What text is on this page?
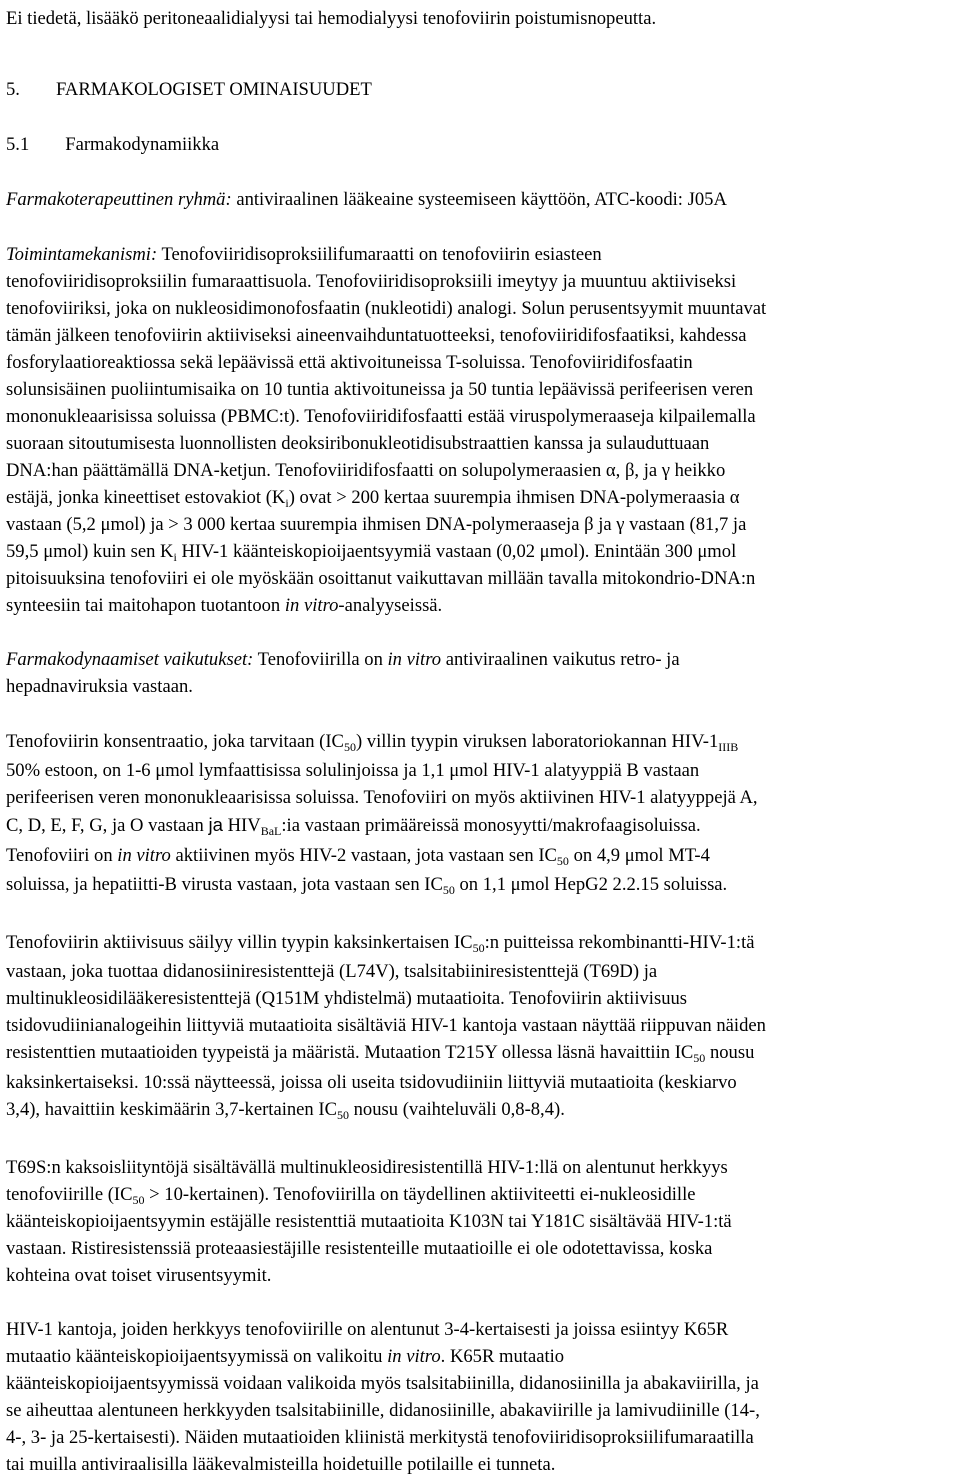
Ei tiedetä, lisääkö peritoneaalidialyysi tai hemodialyysi tenofoviirin poistumisnopeutta.
5. FARMAKOLOGISET OMINAISUUDET
5.1 Farmakodynamiikka
Farmakoterapeuttinen ryhmä: antiviraalinen lääkeaine systeemiseen käyttöön, ATC-koodi: J05A
Toimintamekanismi: Tenofoviiridisoproksiilifumaraatti on tenofoviirin esiasteen
tenofoviiridisoproksiilin fumaraattisuola. Tenofoviiridisoproksiili imeytyy ja muuntuu aktiiviseksi
tenofoviiriksi, joka on nukleosidimonofosfaatin (nukleotidi) analogi. Solun perusentsyymit muuntavat
tämän jälkeen tenofoviirin aktiiviseksi aineenvaihduntatuotteeksi, tenofoviiridifosfaatiksi, kahdessa
fosforylaatioreaktiossa sekä lepäävissä että aktivoituneissa T-soluissa. Tenofoviiridifosfaatin
solunsisäinen puoliintumisaika on 10 tuntia aktivoituneissa ja 50 tuntia lepäävissä perifeerisen veren
mononukleaarisissa soluissa (PBMC:t). Tenofoviiridifosfaatti estää viruspolymeraaseja kilpailemalla
suoraan sitoutumisesta luonnollisten deoksiribonukleotidisubstraattien kanssa ja sulauduttuaan
DNA:han päättämällä DNA-ketjun. Tenofoviiridifosfaatti on solupolymeraasien α, β, ja γ heikko
estäjä, jonka kineettiset estovakiot $(K_i)$ ovat > 200 kertaa suurempia ihmisen DNA-polymeraasia α
vastaan (5,2 μmol) ja > 3 000 kertaa suurempia ihmisen DNA-polymeraaseja β ja γ vastaan (81,7 ja
59,5 μmol) kuin sen $K_i$ HIV-1 käänteiskopioijaentsyymiä vastaan (0,02 μmol). Enintään 300 μmol
pitoisuuksina tenofoviiri ei ole myöskään osoittanut vaikuttavan millään tavalla mitokondrio-DNA:n
synteesiin tai maitohapon tuotantoon in vitro-analyyseissä.
Farmakodynaamiset vaikutukset: Tenofoviirilla on in vitro antiviraalinen vaikutus retro- ja
hepadnaviruksia vastaan.
Tenofoviirin konsentraatio, joka tarvitaan $(IC_{50})$ villin tyypin viruksen laboratoriokannan HIV-$1_{IIIB}$
50% estoon, on 1-6 μmol lymfaattisissa solulinjoissa ja 1,1 μmol HIV-1 alatyyppiä B vastaan
perifeerisen veren mononukleaarisissa soluissa. Tenofoviiri on myös aktiivinen HIV-1 alatyyppejä A,
C, D, E, F, G, ja O vastaan ja $HIV_{BaL}:ia$ vastaan primääreissä monosyytti/makrofaagisoluissa.
Tenofoviiri on in vitro aktiivinen myös HIV-2 vastaan, jota vastaan sen $IC_{50}$ on 4,9 μmol MT-4
soluissa, ja hepatiitti-B virusta vastaan, jota vastaan sen $IC_{50}$ on 1,1 μmol HepG2 2.2.15 soluissa.
Tenofoviirin aktiivisuus säilyy villin tyypin kaksinkertaisen $IC_{50}:n$ puitteissa rekombinantti-HIV-1:tä
vastaan, joka tuottaa didanosiiniresistenttejä (L74V), tsalsitabiiniresistenttejä (T69D) ja
multinukleosidilääkeresistenttejä (Q151M yhdistelmä) mutaatioita. Tenofoviirin aktiivisuus
tsidovudiinianalogeihin liittyviä mutaatioita sisältäviä HIV-1 kantoja vastaan näyttää riippuvan näiden
resistenttien mutaatioiden tyypeistä ja määristä. Mutaation T215Y ollessa läsnä havaittiin $IC_{50}$ nousu
kaksinkertaiseksi. 10:ssä näytteessä, joissa oli useita tsidovudiiniin liittyviä mutaatioita (keskiarvo
3,4), havaittiin keskimäärin 3,7-kertainen $IC_{50}$ nousu (vaihteluväli 0,8-8,4).
T69S:n kaksoisliityntöjä sisältävällä multinukleosidiresistentillä HIV-1:llä on alentunut herkkyys
tenofoviirille ($IC_{50}$ > 10-kertainen). Tenofoviirilla on täydellinen aktiiviteetti ei-nukleosidille
käänteiskopioijaentsyymin estäjälle resistenttiä mutaatioita K103N tai Y181C sisältävää HIV-1:tä
vastaan. Ristiresistenssiä proteaasiestäjille resistenteille mutaatioille ei ole odotettavissa, koska
kohteina ovat toiset virusentsyymit.
HIV-1 kantoja, joiden herkkyys tenofoviirille on alentunut 3-4-kertaisesti ja joissa esiintyy K65R
mutaatio käänteiskopioijaentsyymissä on valikoitu in vitro. K65R mutaatio
käänteiskopioijaentsyymissä voidaan valikoida myös tsalsitabiinilla, didanosiinilla ja abakaviirilla, ja
se aiheuttaa alentuneen herkkyyden tsalsitabiinille, didanosiinille, abakaviirille ja lamivudiinille (14-,
4-, 3- ja 25-kertaisesti). Näiden mutaatioiden kliinistä merkitystä tenofoviiridisoproksiilifumaraatilla
tai muilla antiviraalisilla lääkevalmisteilla hoidetuille potilaille ei tunneta.
